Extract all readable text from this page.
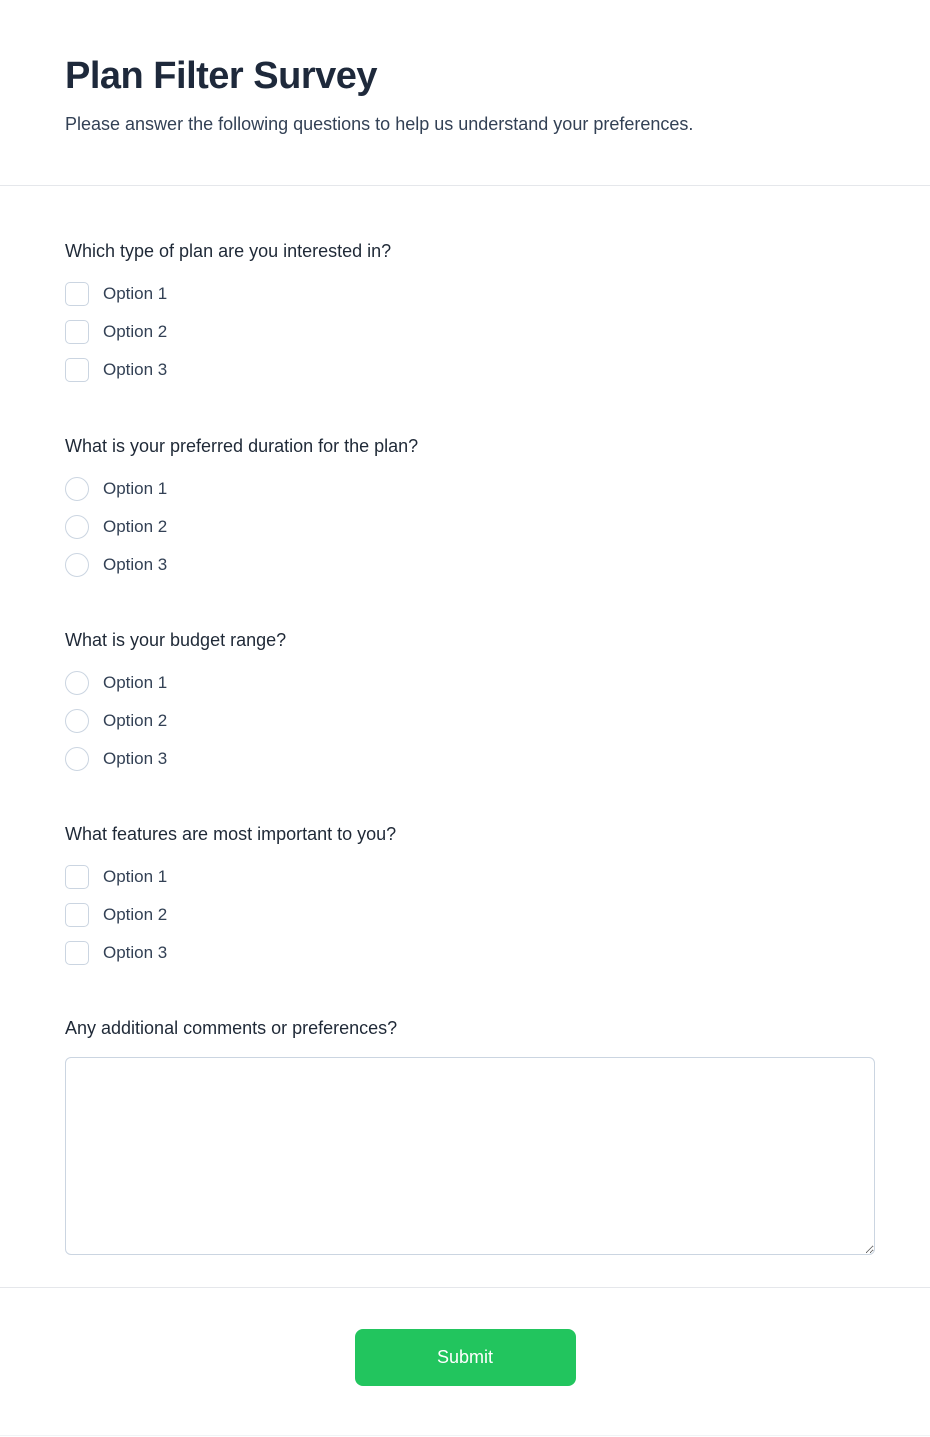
Plan Filter Survey

Please answer the following questions to help us understand your preferences.

Which type of plan are you interested in?
Option 1
Option 2
Option 3
What is your preferred duration for the plan?
Option 1
Option 2
Option 3
What is your budget range?
Option 1
Option 2
Option 3
What features are most important to you?
Option 1
Option 2
Option 3
Any additional comments or preferences?
Submit
